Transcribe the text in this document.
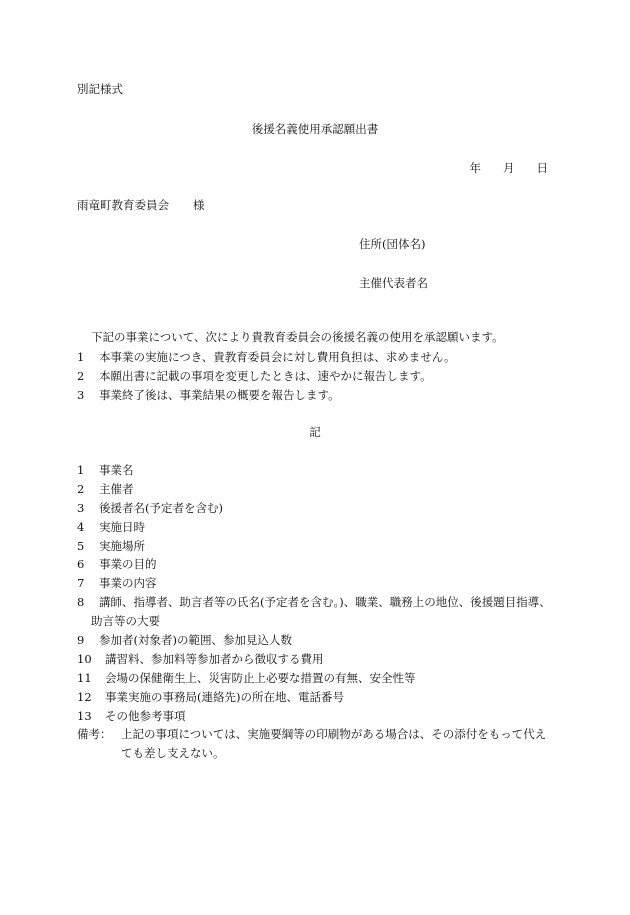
別記様式
後援名義使用承認願出書
年 月 日
雨竜町教育委員会 様
住所(団体名)
主催代表者名
下記の事業について、次により貴教育委員会の後援名義の使用を承認願います。
1 本事業の実施につき、貴教育委員会に対し費用負担は、求めません。
2 本願出書に記載の事項を変更したときは、速やかに報告します。
3 事業終了後は、事業結果の概要を報告します。
記
1 事業名
2 主催者
3 後援者名(予定者を含む)
4 実施日時
5 実施場所
6 事業の目的
7 事業の内容
8 講師、指導者、助言者等の氏名(予定者を含む。)、職業、職務上の地位、後援題目指導、
助言等の大要
9 参加者(対象者)の範囲、参加見込人数
10 講習料、参加料等参加者から徴収する費用
11 会場の保健衛生上、災害防止上必要な措置の有無、安全性等
12 事業実施の事務局(連絡先)の所在地、電話番号
13 その他参考事項
備考： 上記の事項については、実施要綱等の印刷物がある場合は、その添付をもって代え
ても差し支えない。
